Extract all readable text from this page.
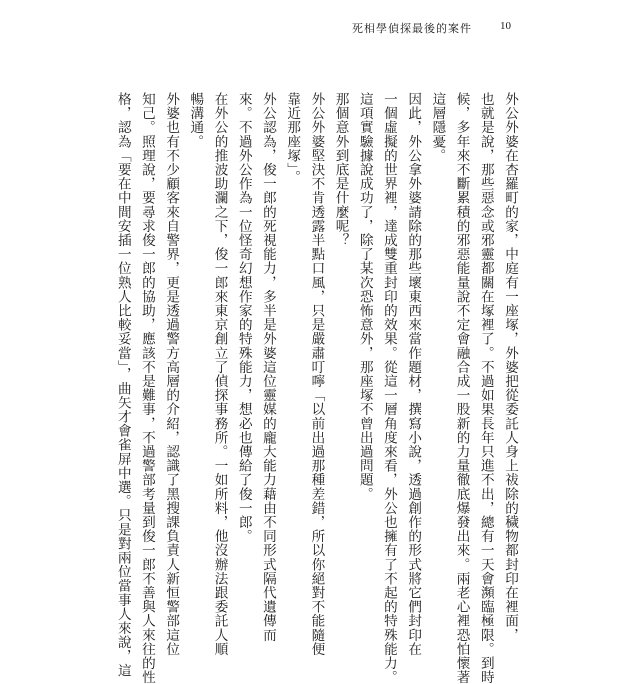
死相學偵探最後的案件	10
外公外婆在杏羅町的家，中庭有一座塚，外婆把從委託人身上祓除的穢物都封印在裡面，
也就是說，那些惡念或邪靈都關在塚裡了。不過如果長年只進不出，總有一天會瀕臨極限。到時
候，多年來不斷累積的邪惡能量說不定會融合成一股新的力量徹底爆發出來。兩老心裡恐怕懷著
這層隱憂。
因此，外公拿外婆請除的那些壞東西來當作題材，撰寫小說，透過創作的形式將它們封印在
一個虛擬的世界裡，達成雙重封印的效果。從這一層角度來看，外公也擁有了不起的特殊能力。
這項實驗據說成功了，除了某次恐怖意外，那座塚不曾出過問題。
那個意外到底是什麼呢？
外公外婆堅決不肯透露半點口風，只是嚴肅叮嚀「以前出過那種差錯，所以你絕對不能隨便
靠近那座塚」。
外公認為，俊一郎的死視能力，多半是外婆這位靈媒的龐大能力藉由不同形式隔代遺傳而
來。不過外公作為一位怪奇幻想作家的特殊能力，想必也傳給了俊一郎。
在外公的推波助瀾之下，俊一郎來東京創立了偵探事務所。一如所料，他沒辦法跟委託人順
暢溝通。
外婆也有不少顧客來自警界，更是透過警方高層的介紹，認識了黑搜課負責人新恒警部這位
知己。照理說，要尋求俊一郎的協助，應該不是難事，不過警部考量到俊一郎不善與人來往的性
格，認為「要在中間安插一位熟人比較妥當」，曲矢才會雀屏中選。只是對兩位當事人來說，這
